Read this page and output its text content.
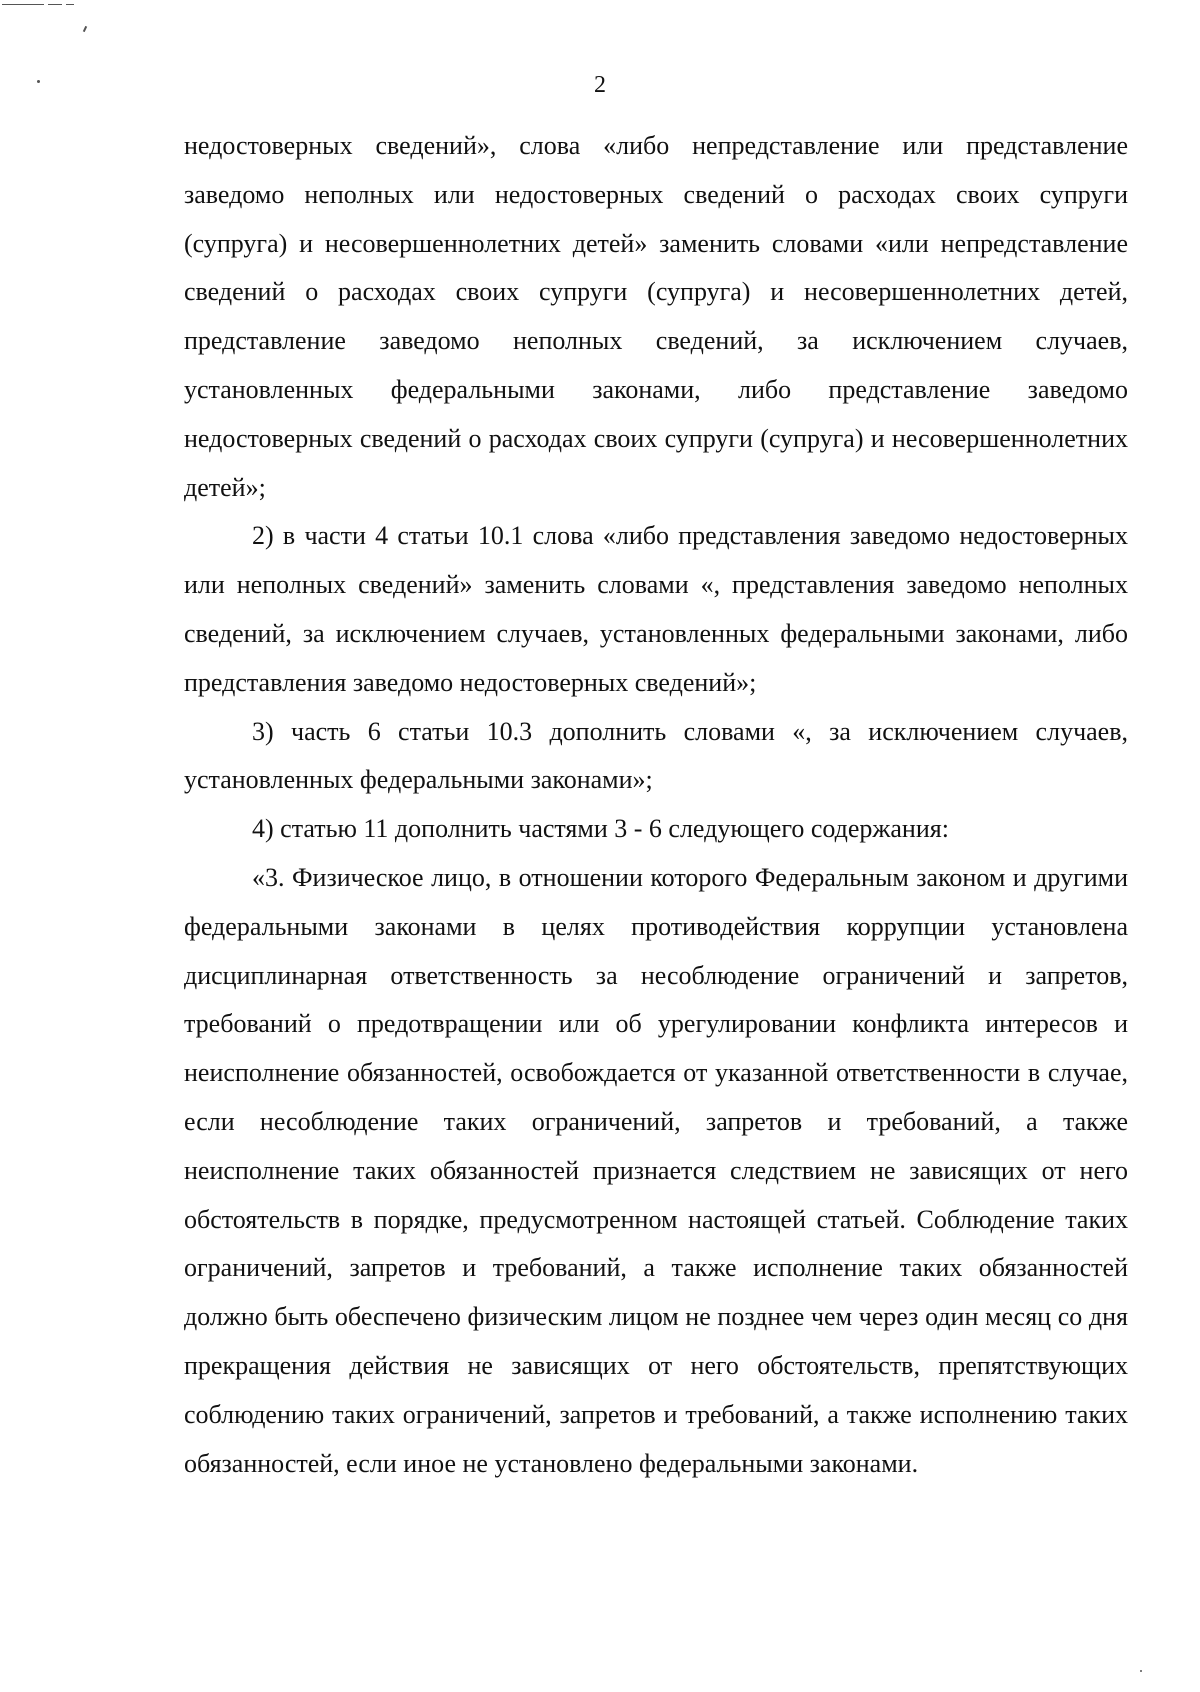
2

недостоверных сведений», слова «либо непредставление или представление заведомо неполных или недостоверных сведений о расходах своих супруги (супруга) и несовершеннолетних детей» заменить словами «или непредставление сведений о расходах своих супруги (супруга) и несовершеннолетних детей, представление заведомо неполных сведений, за исключением случаев, установленных федеральными законами, либо представление заведомо недостоверных сведений о расходах своих супруги (супруга) и несовершеннолетних детей»;

2) в части 4 статьи 10.1 слова «либо представления заведомо недостоверных или неполных сведений» заменить словами «, представления заведомо неполных сведений, за исключением случаев, установленных федеральными законами, либо представления заведомо недостоверных сведений»;

3) часть 6 статьи 10.3 дополнить словами «, за исключением случаев, установленных федеральными законами»;

4) статью 11 дополнить частями 3 - 6 следующего содержания:

«3. Физическое лицо, в отношении которого Федеральным законом и другими федеральными законами в целях противодействия коррупции установлена дисциплинарная ответственность за несоблюдение ограничений и запретов, требований о предотвращении или об урегулировании конфликта интересов и неисполнение обязанностей, освобождается от указанной ответственности в случае, если несоблюдение таких ограничений, запретов и требований, а также неисполнение таких обязанностей признается следствием не зависящих от него обстоятельств в порядке, предусмотренном настоящей статьей. Соблюдение таких ограничений, запретов и требований, а также исполнение таких обязанностей должно быть обеспечено физическим лицом не позднее чем через один месяц со дня прекращения действия не зависящих от него обстоятельств, препятствующих соблюдению таких ограничений, запретов и требований, а также исполнению таких обязанностей, если иное не установлено федеральными законами.
